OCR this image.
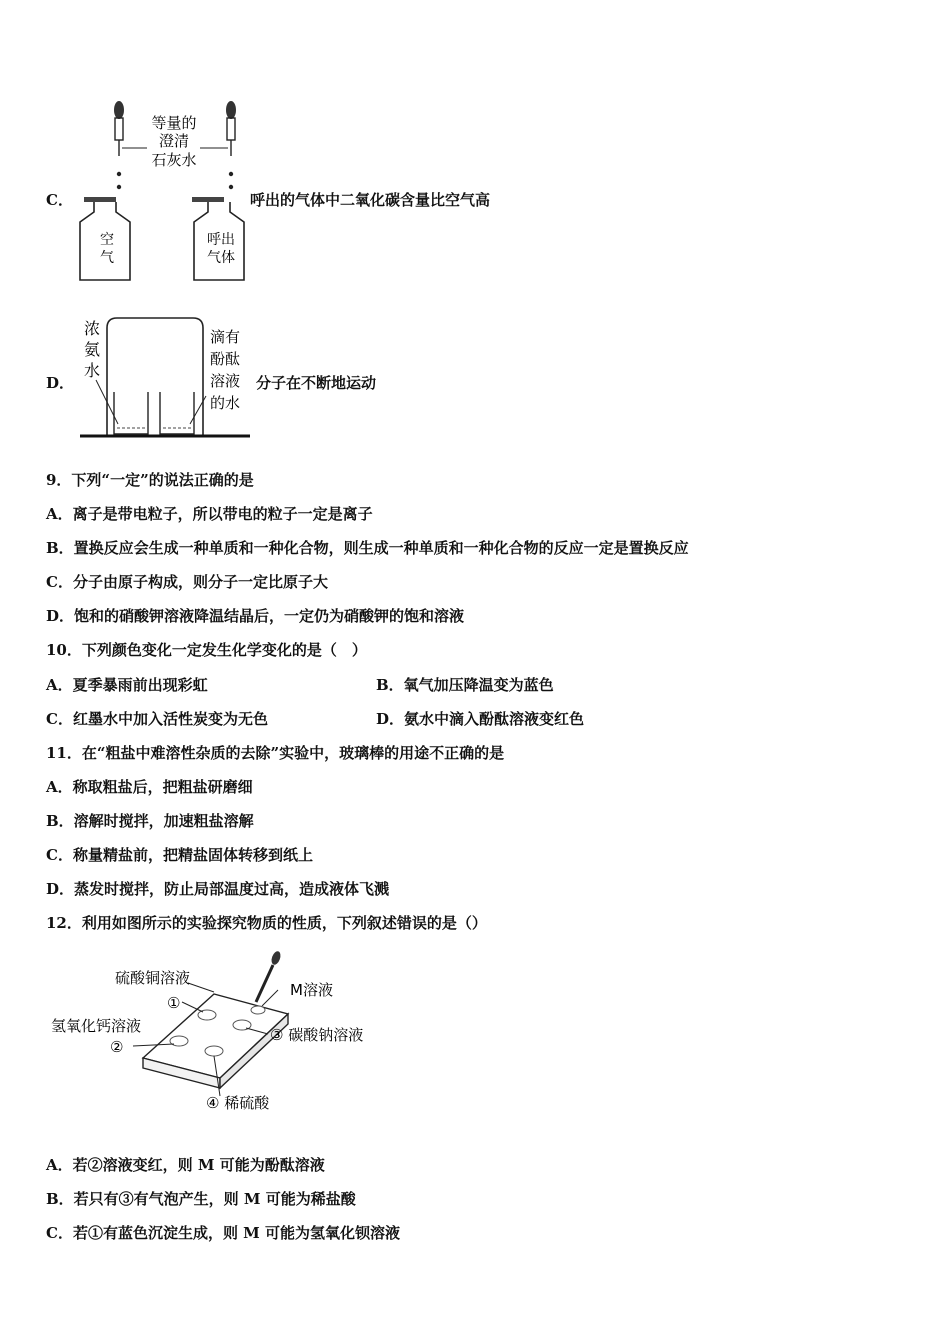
C．
等量的
澄清
石灰水
空
气
呼出
气体
呼出的气体中二氧化碳含量比空气高
D．
浓
氨
水
滴有
酚酞
溶液
的水
分子在不断地运动
9．下列“一定”的说法正确的是
A．离子是带电粒子，所以带电的粒子一定是离子
B．置换反应会生成一种单质和一种化合物，则生成一种单质和一种化合物的反应一定是置换反应
C．分子由原子构成，则分子一定比原子大
D．饱和的硝酸钾溶液降温结晶后，一定仍为硝酸钾的饱和溶液
10．下列颜色变化一定发生化学变化的是（　）
A．夏季暴雨前出现彩虹	B．氧气加压降温变为蓝色
C．红墨水中加入活性炭变为无色	D．氨水中滴入酚酞溶液变红色
11．在“粗盐中难溶性杂质的去除”实验中，玻璃棒的用途不正确的是
A．称取粗盐后，把粗盐研磨细
B．溶解时搅拌，加速粗盐溶解
C．称量精盐前，把精盐固体转移到纸上
D．蒸发时搅拌，防止局部温度过高，造成液体飞溅
12．利用如图所示的实验探究物质的性质，下列叙述错误的是（）
硫酸铜溶液
M溶液
①
氢氧化钙溶液
②
③ 碳酸钠溶液
④ 稀硫酸
A．若②溶液变红，则 M 可能为酚酞溶液
B．若只有③有气泡产生，则 M 可能为稀盐酸
C．若①有蓝色沉淀生成，则 M 可能为氢氧化钡溶液
